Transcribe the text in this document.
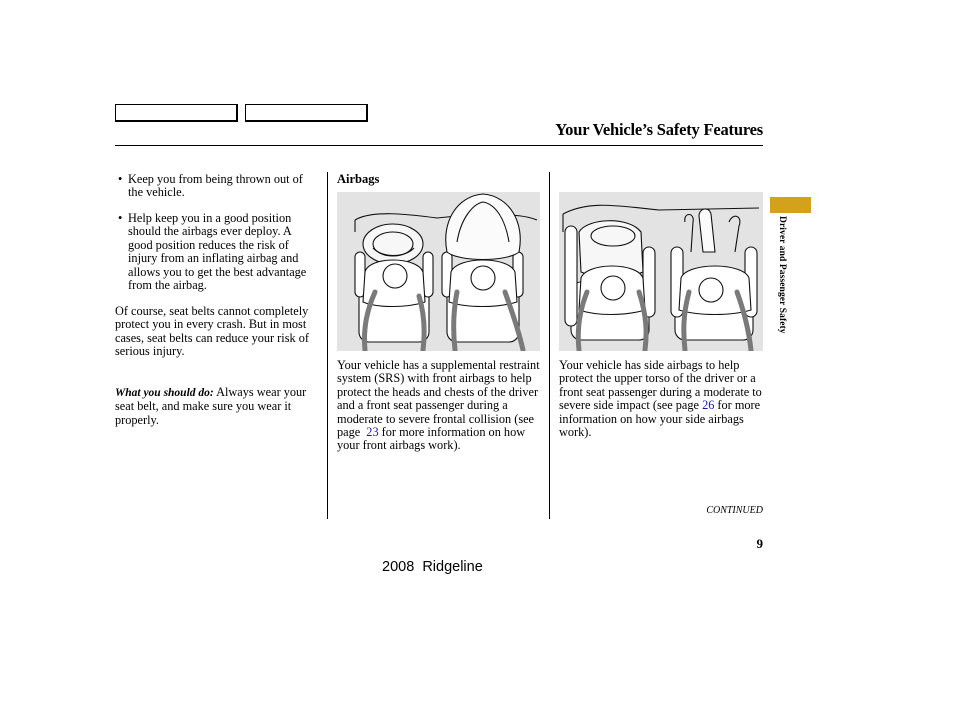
Your Vehicle’s Safety Features
• Keep you from being thrown out of the vehicle.
• Help keep you in a good position should the airbags ever deploy. A good position reduces the risk of injury from an inflating airbag and allows you to get the best advantage from the airbag.
Of course, seat belts cannot completely protect you in every crash. But in most cases, seat belts can reduce your risk of serious injury.
What you should do: Always wear your seat belt, and make sure you wear it properly.
Airbags
Your vehicle has a supplemental restraint system (SRS) with front airbags to help protect the heads and chests of the driver and a front seat passenger during a moderate to severe frontal collision (see page 23 for more information on how your front airbags work).
Your vehicle has side airbags to help protect the upper torso of the driver or a front seat passenger during a moderate to severe side impact (see page 26 for more information on how your side airbags work).
Driver and Passenger Safety
CONTINUED
9
2008  Ridgeline
